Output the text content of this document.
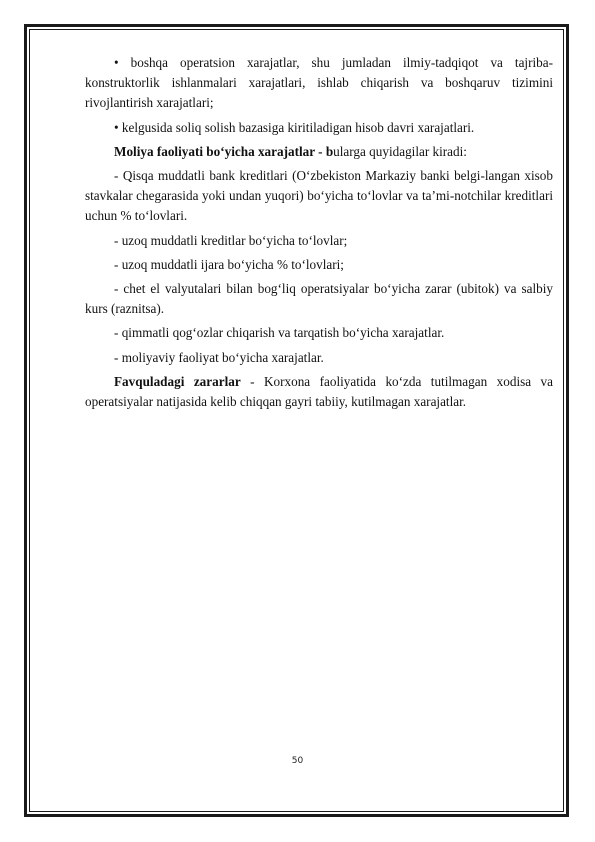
• boshqa operatsion xarajatlar, shu jumladan ilmiy-tadqiqot va tajriba-konstruktorlik ishlanmalari xarajatlari, ishlab chiqarish va boshqaruv tizimini rivojlantirish xarajatlari;

• kelgusida soliq solish bazasiga kiritiladigan hisob davri xarajatlari.

Moliya faoliyati bo‘yicha xarajatlar - bularga quyidagilar kiradi:

- Qisqa muddatli bank kreditlari (O‘zbekiston Markaziy banki belgi-langan xisob stavkalar chegarasida yoki undan yuqori) bo‘yicha to‘lovlar va ta’mi-notchilar kreditlari uchun % to‘lovlari.

- uzoq muddatli kreditlar bo‘yicha to‘lovlar;

- uzoq muddatli ijara bo‘yicha % to‘lovlari;

- chet el valyutalari bilan bog‘liq operatsiyalar bo‘yicha zarar (ubitok) va salbiy kurs (raznitsa).

- qimmatli qog‘ozlar chiqarish va tarqatish bo‘yicha xarajatlar.

- moliyaviy faoliyat bo‘yicha xarajatlar.

Favquladagi zararlar - Korxona faoliyatida ko‘zda tutilmagan xodisa va operatsiyalar natijasida kelib chiqqan gayri tabiiy, kutilmagan xarajatlar.

50
